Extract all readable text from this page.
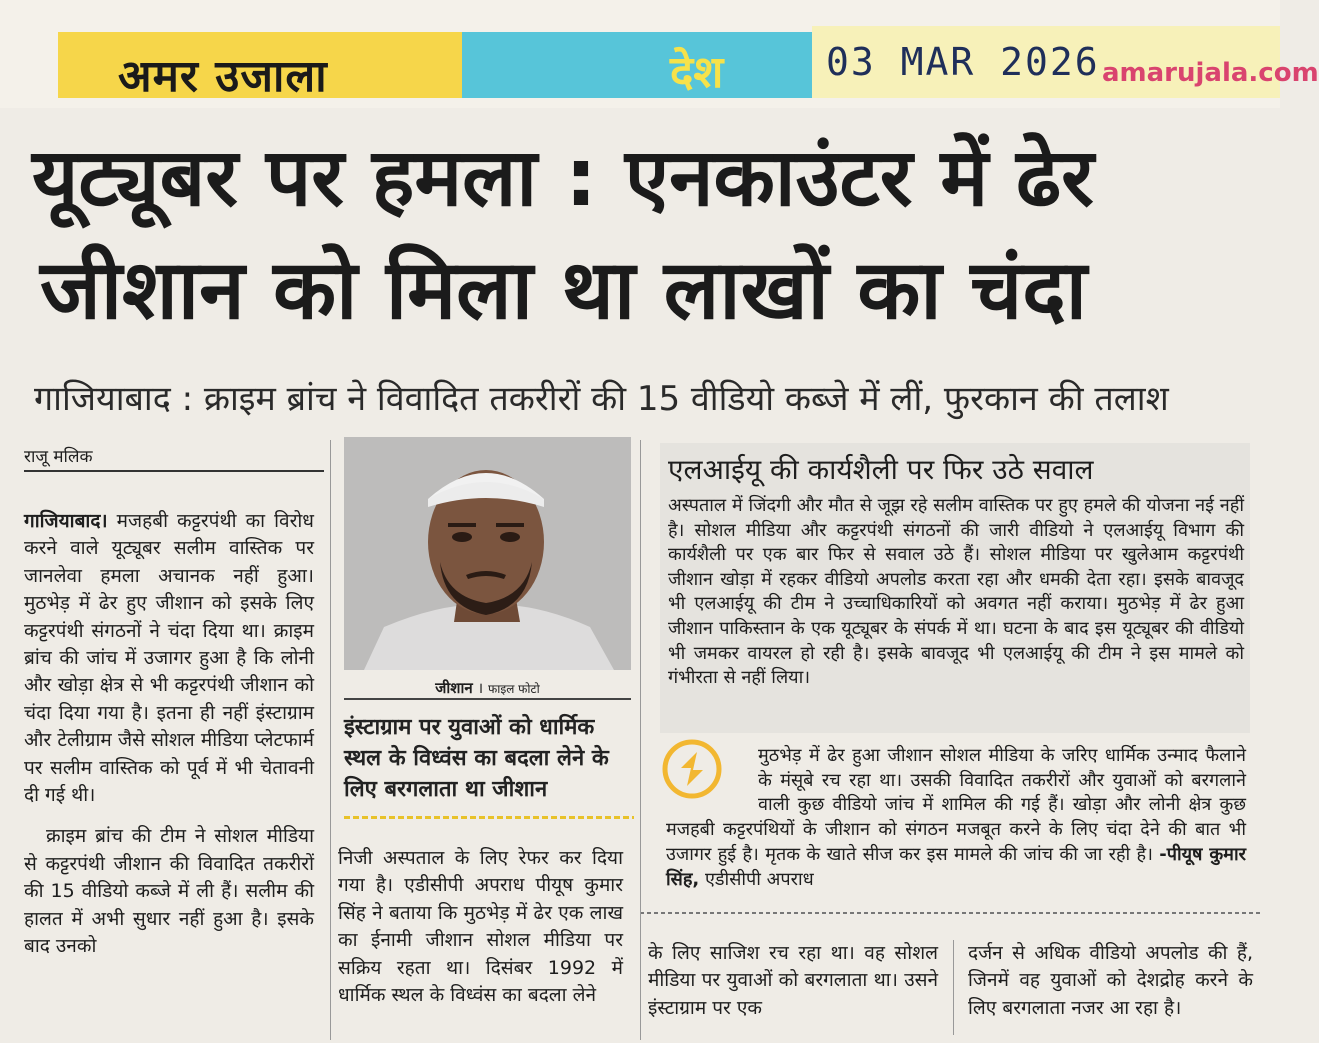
अमर उजाला	देश	03 MAR 2026 amarujala.com
यूट्यूबर पर हमला : एनकाउंटर में ढेर
जीशान को मिला था लाखों का चंदा
गाजियाबाद : क्राइम ब्रांच ने विवादित तकरीरों की 15 वीडियो कब्जे में लीं, फुरकान की तलाश
राजू मलिक

गाजियाबाद। मजहबी कट्टरपंथी का विरोध करने वाले यूट्यूबर सलीम वास्तिक पर जानलेवा हमला अचानक नहीं हुआ। मुठभेड़ में ढेर हुए जीशान को इसके लिए कट्टरपंथी संगठनों ने चंदा दिया था। क्राइम ब्रांच की जांच में उजागर हुआ है कि लोनी और खोड़ा क्षेत्र से भी कट्टरपंथी जीशान को चंदा दिया गया है। इतना ही नहीं इंस्टाग्राम और टेलीग्राम जैसे सोशल मीडिया प्लेटफार्म पर सलीम वास्तिक को पूर्व में भी चेतावनी दी गई थी।

क्राइम ब्रांच की टीम ने सोशल मीडिया से कट्टरपंथी जीशान की विवादित तकरीरों की 15 वीडियो कब्जे में ली हैं। सलीम की हालत में अभी सुधार नहीं हुआ है। इसके बाद उनको

जीशान । फाइल फोटो
इंस्टाग्राम पर युवाओं को धार्मिक स्थल के विध्वंस का बदला लेने के लिए बरगलाता था जीशान
निजी अस्पताल के लिए रेफर कर दिया गया है। एडीसीपी अपराध पीयूष कुमार सिंह ने बताया कि मुठभेड़ में ढेर एक लाख का ईनामी जीशान सोशल मीडिया पर सक्रिय रहता था। दिसंबर 1992 में धार्मिक स्थल के विध्वंस का बदला लेने
एलआईयू की कार्यशैली पर फिर उठे सवाल
अस्पताल में जिंदगी और मौत से जूझ रहे सलीम वास्तिक पर हुए हमले की योजना नई नहीं है। सोशल मीडिया और कट्टरपंथी संगठनों की जारी वीडियो ने एलआईयू विभाग की कार्यशैली पर एक बार फिर से सवाल उठे हैं। सोशल मीडिया पर खुलेआम कट्टरपंथी जीशान खोड़ा में रहकर वीडियो अपलोड करता रहा और धमकी देता रहा। इसके बावजूद भी एलआईयू की टीम ने उच्चाधिकारियों को अवगत नहीं कराया। मुठभेड़ में ढेर हुआ जीशान पाकिस्तान के एक यूट्यूबर के संपर्क में था। घटना के बाद इस यूट्यूबर की वीडियो भी जमकर वायरल हो रही है। इसके बावजूद भी एलआईयू की टीम ने इस मामले को गंभीरता से नहीं लिया।
मुठभेड़ में ढेर हुआ जीशान सोशल मीडिया के जरिए धार्मिक उन्माद फैलाने के मंसूबे रच रहा था। उसकी विवादित तकरीरों और युवाओं को बरगलाने वाली कुछ वीडियो जांच में शामिल की गई हैं। खोड़ा और लोनी क्षेत्र कुछ मजहबी कट्टरपंथियों के जीशान को संगठन मजबूत करने के लिए चंदा देने की बात भी उजागर हुई है। मृतक के खाते सीज कर इस मामले की जांच की जा रही है। -पीयूष कुमार सिंह, एडीसीपी अपराध
के लिए साजिश रच रहा था। वह सोशल मीडिया पर युवाओं को बरगलाता था। उसने इंस्टाग्राम पर एक
दर्जन से अधिक वीडियो अपलोड की हैं, जिनमें वह युवाओं को देशद्रोह करने के लिए बरगलाता नजर आ रहा है।
